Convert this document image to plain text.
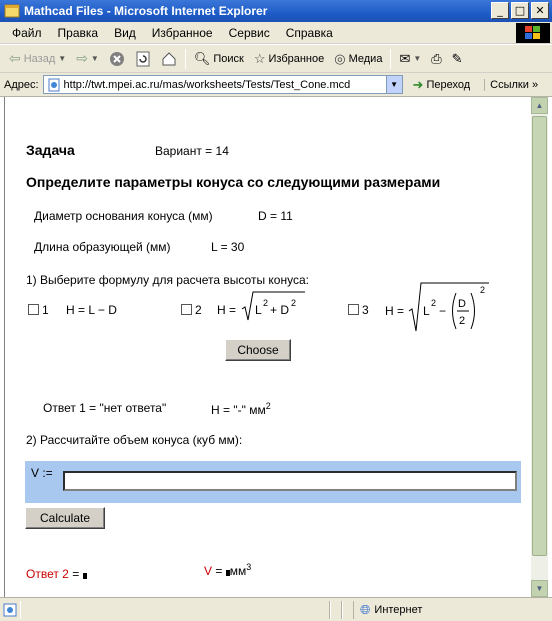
Mathcad Files - Microsoft Internet Explorer	_	□ ✕
Файл	Правка	Вид	Избранное	Сервис	Справка
⇦ Назад ▼ ⇨ ▼	🔍︎ Поиск ☆ Избранное ◎ Медиа ✉ ▼ ⎙ ✎
Адрес: http://twt.mpei.ac.ru/mas/worksheets/Tests/Test_Cone.mcd	▼ ➜ Переход	Ссылки »
Задача	Вариант = 14
Определите параметры конуса со следующими размерами
Диаметр основания конуса (мм)	D = 11
Длина образующей (мм)	L = 30
1) Выберите формулу для расчета высоты конуса:
1 H = L − D	2 H = L 2 + D 2	3 H = L
2
− D
2
2
Choose
Ответ 1 = "нет ответа"	H = "-" $мм^2$
2) Рассчитайте объем конуса (куб мм):
V :=
Calculate
Ответ 2 =	$V = мм^3$
▲
▼
🌐︎ Интернет
